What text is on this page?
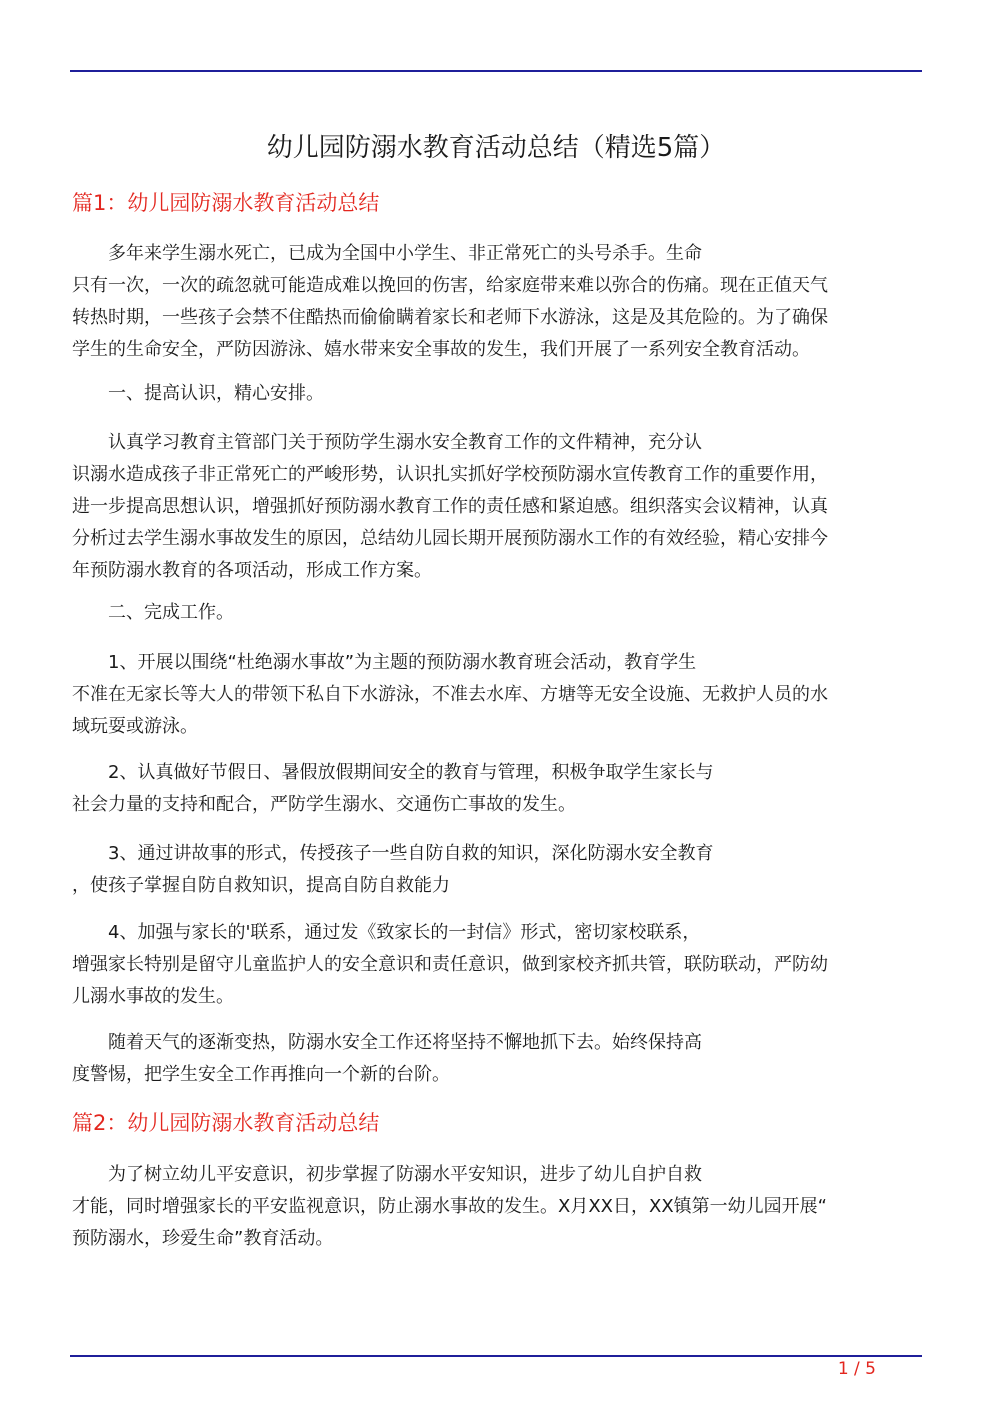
幼儿园防溺水教育活动总结（精选5篇）
篇1：幼儿园防溺水教育活动总结

　　多年来学生溺水死亡，已成为全国中小学生、非正常死亡的头号杀手。生命
只有一次，一次的疏忽就可能造成难以挽回的伤害，给家庭带来难以弥合的伤痛。现在正值天气
转热时期，一些孩子会禁不住酷热而偷偷瞒着家长和老师下水游泳，这是及其危险的。为了确保
学生的生命安全，严防因游泳、嬉水带来安全事故的发生，我们开展了一系列安全教育活动。

　　一、提高认识，精心安排。

　　认真学习教育主管部门关于预防学生溺水安全教育工作的文件精神，充分认
识溺水造成孩子非正常死亡的严峻形势，认识扎实抓好学校预防溺水宣传教育工作的重要作用，
进一步提高思想认识，增强抓好预防溺水教育工作的责任感和紧迫感。组织落实会议精神，认真
分析过去学生溺水事故发生的原因，总结幼儿园长期开展预防溺水工作的有效经验，精心安排今
年预防溺水教育的各项活动，形成工作方案。

　　二、完成工作。

　　1、开展以围绕“杜绝溺水事故”为主题的预防溺水教育班会活动，教育学生
不准在无家长等大人的带领下私自下水游泳，不准去水库、方塘等无安全设施、无救护人员的水
域玩耍或游泳。

　　2、认真做好节假日、暑假放假期间安全的教育与管理，积极争取学生家长与
社会力量的支持和配合，严防学生溺水、交通伤亡事故的发生。

　　3、通过讲故事的形式，传授孩子一些自防自救的知识，深化防溺水安全教育
，使孩子掌握自防自救知识，提高自防自救能力

　　4、加强与家长的'联系，通过发《致家长的一封信》形式，密切家校联系，
增强家长特别是留守儿童监护人的安全意识和责任意识，做到家校齐抓共管，联防联动，严防幼
儿溺水事故的发生。

　　随着天气的逐渐变热，防溺水安全工作还将坚持不懈地抓下去。始终保持高
度警惕，把学生安全工作再推向一个新的台阶。

篇2：幼儿园防溺水教育活动总结

　　为了树立幼儿平安意识，初步掌握了防溺水平安知识，进步了幼儿自护自救
才能，同时增强家长的平安监视意识，防止溺水事故的发生。X月XX日，XX镇第一幼儿园开展“
预防溺水，珍爱生命”教育活动。

1 / 5
